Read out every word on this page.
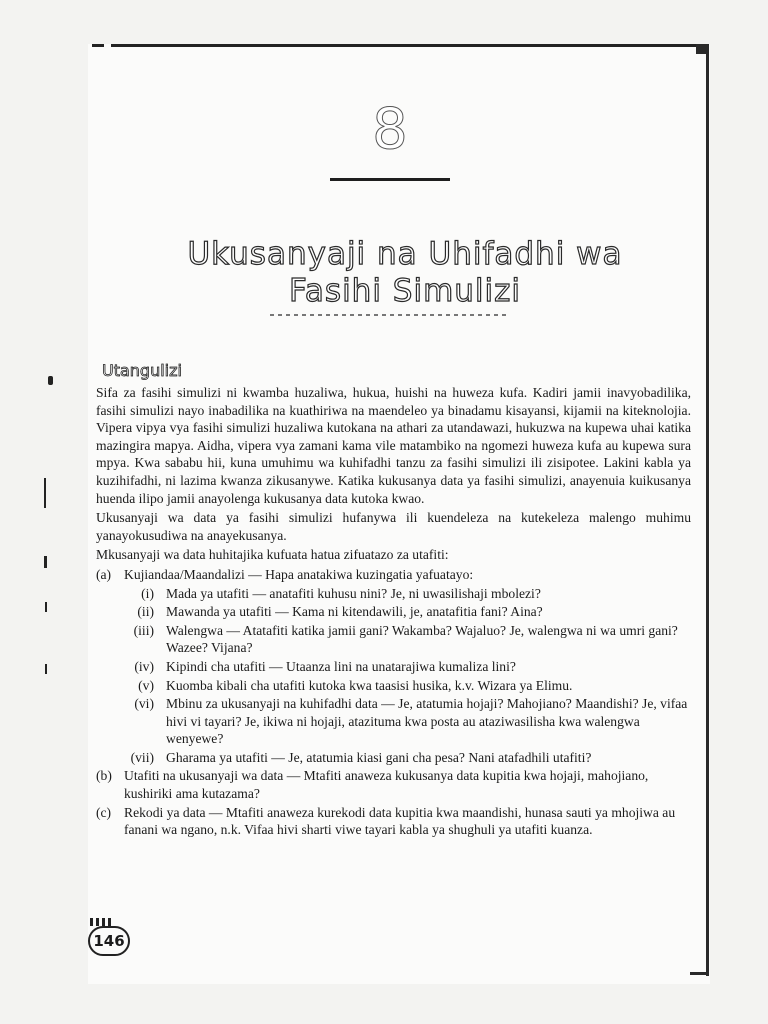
8
Ukusanyaji na Uhifadhi wa
Fasihi Simulizi
Utangulizi

Sifa za fasihi simulizi ni kwamba huzaliwa, hukua, huishi na huweza kufa. Kadiri jamii inavyobadilika, fasihi simulizi nayo inabadilika na kuathiriwa na maendeleo ya binadamu kisayansi, kijamii na kiteknolojia. Vipera vipya vya fasihi simulizi huzaliwa kutokana na athari za utandawazi, hukuzwa na kupewa uhai katika mazingira mapya. Aidha, vipera vya zamani kama vile matambiko na ngomezi huweza kufa au kupewa sura mpya. Kwa sababu hii, kuna umuhimu wa kuhifadhi tanzu za fasihi simulizi ili zisipotee. Lakini kabla ya kuzihifadhi, ni lazima kwanza zikusanywe. Katika kukusanya data ya fasihi simulizi, anayenuia kuikusanya huenda ilipo jamii anayolenga kukusanya data kutoka kwao.

Ukusanyaji wa data ya fasihi simulizi hufanywa ili kuendeleza na kutekeleza malengo muhimu yanayokusudiwa na anayekusanya.

Mkusanyaji wa data huhitajika kufuata hatua zifuatazo za utafiti:

(a) Kujiandaa/Maandalizi — Hapa anatakiwa kuzingatia yafuatayo:
(i) Mada ya utafiti — anatafiti kuhusu nini? Je, ni uwasilishaji mbolezi?
(ii) Mawanda ya utafiti — Kama ni kitendawili, je, anatafitia fani? Aina?
(iii) Walengwa — Atatafiti katika jamii gani? Wakamba? Wajaluo? Je, walengwa ni wa umri gani? Wazee? Vijana?
(iv) Kipindi cha utafiti — Utaanza lini na unatarajiwa kumaliza lini?
(v) Kuomba kibali cha utafiti kutoka kwa taasisi husika, k.v. Wizara ya Elimu.
(vi) Mbinu za ukusanyaji na kuhifadhi data — Je, atatumia hojaji? Mahojiano? Maandishi? Je, vifaa hivi vi tayari? Je, ikiwa ni hojaji, atazituma kwa posta au ataziwasilisha kwa walengwa wenyewe?
(vii) Gharama ya utafiti — Je, atatumia kiasi gani cha pesa? Nani atafadhili utafiti?
(b) Utafiti na ukusanyaji wa data — Mtafiti anaweza kukusanya data kupitia kwa hojaji, mahojiano, kushiriki ama kutazama?
(c) Rekodi ya data — Mtafiti anaweza kurekodi data kupitia kwa maandishi, hunasa sauti ya mhojiwa au fanani wa ngano, n.k. Vifaa hivi sharti viwe tayari kabla ya shughuli ya utafiti kuanza.
146
